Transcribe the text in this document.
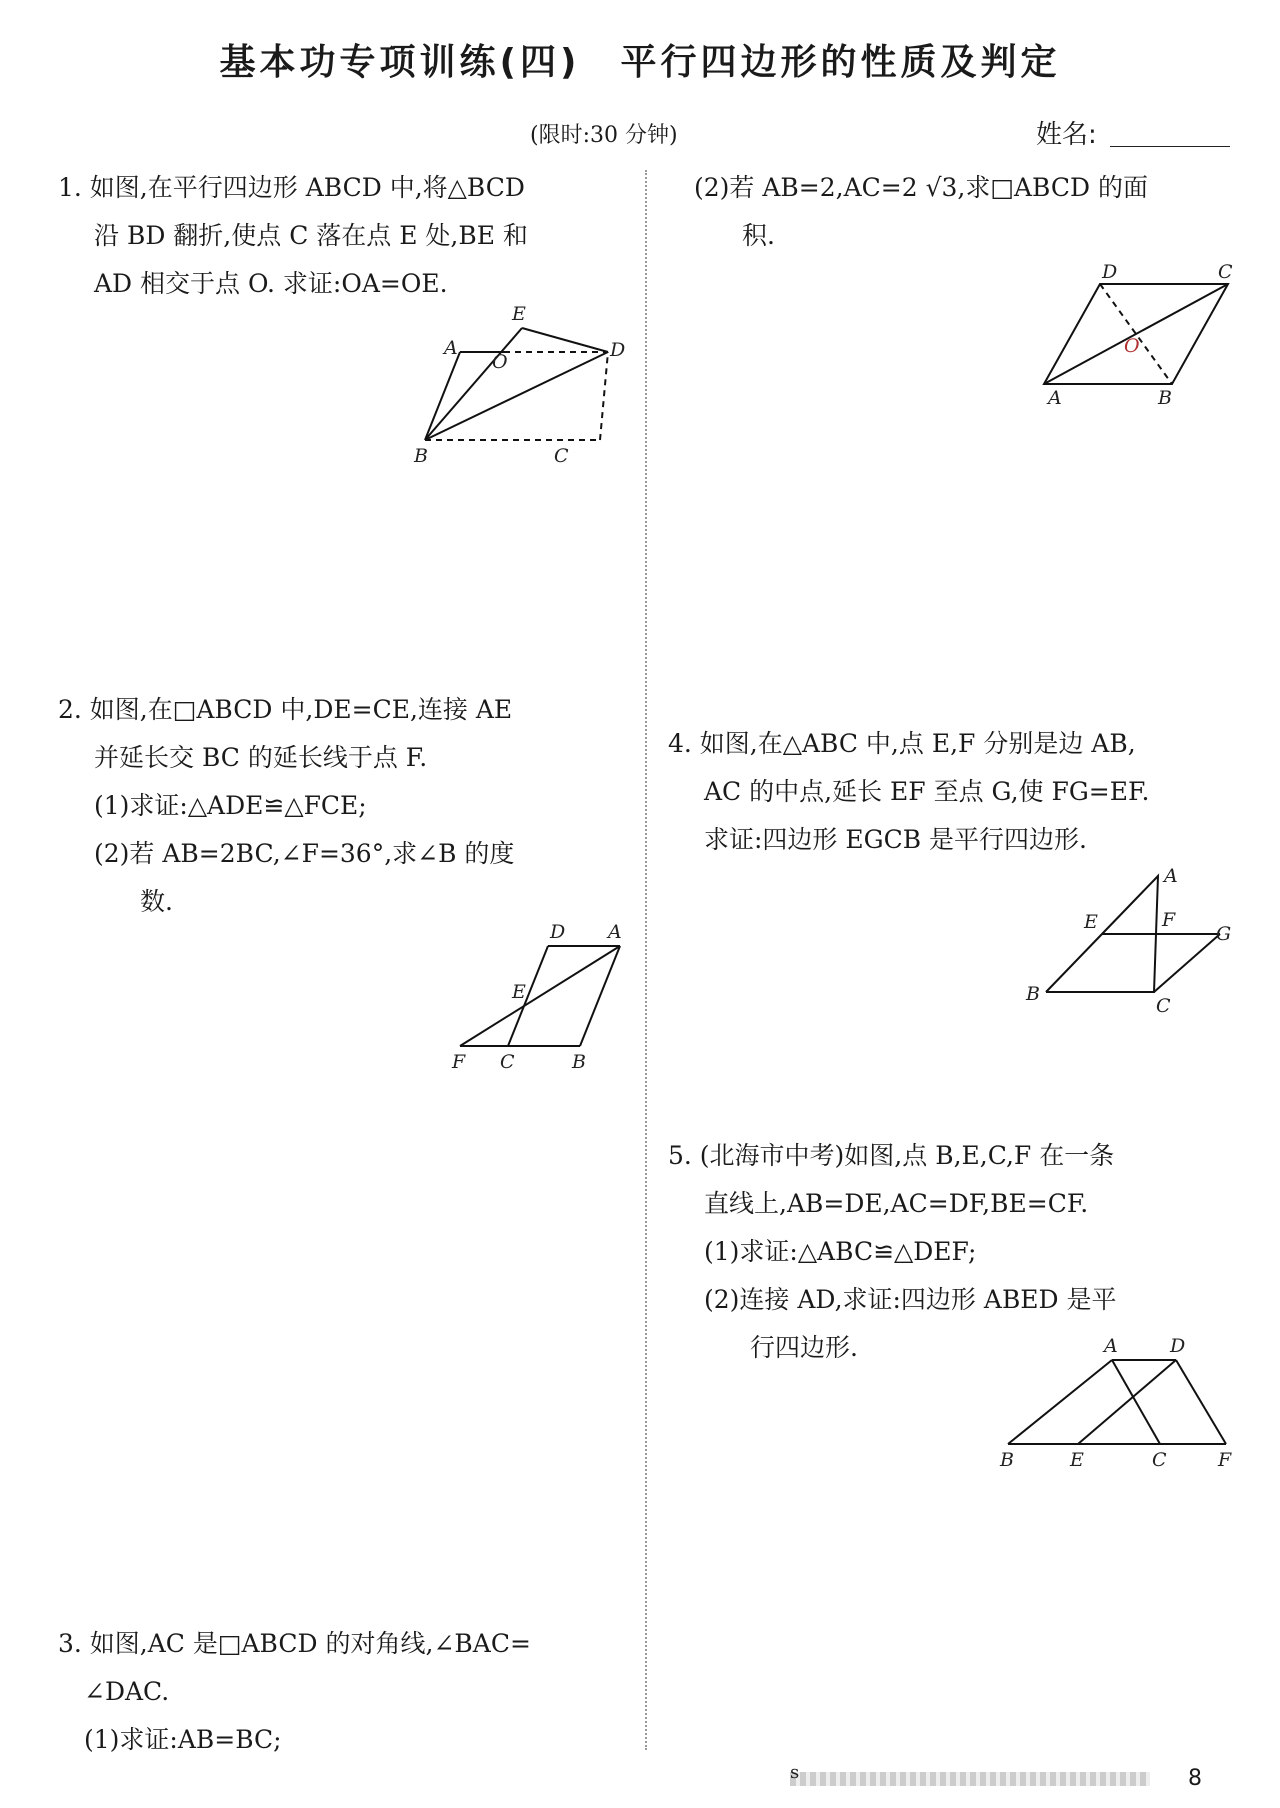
基本功专项训练(四)　平行四边形的性质及判定
(限时:30 分钟)	姓名:

1. 如图,在平行四边形 ABCD 中,将△BCD

沿 BD 翻折,使点 C 落在点 E 处,BE 和

AD 相交于点 O. 求证:OA=OE.

E
A
O
D
B	C

2. 如图,在□ABCD 中,DE=CE,连接 AE

并延长交 BC 的延长线于点 F.

(1)求证:△ADE≌△FCE;

(2)若 AB=2BC,∠F=36°,求∠B 的度

数.

D A
E
F C	B

3. 如图,AC 是□ABCD 的对角线,∠BAC=

∠DAC.

(1)求证:AB=BC;

(2)若 AB=2,AC=2 √3,求□ABCD 的面

积.

D	C
O
A	B

4. 如图,在△ABC 中,点 E,F 分别是边 AB,

AC 的中点,延长 EF 至点 G,使 FG=EF.

求证:四边形 EGCB 是平行四边形.

A
E	F
G
B
C

5. (北海市中考)如图,点 B,E,C,F 在一条

直线上,AB=DE,AC=DF,BE=CF.

(1)求证:△ABC≌△DEF;

(2)连接 AD,求证:四边形 ABED 是平

行四边形.	A	D
B	E	C	F
s	8
